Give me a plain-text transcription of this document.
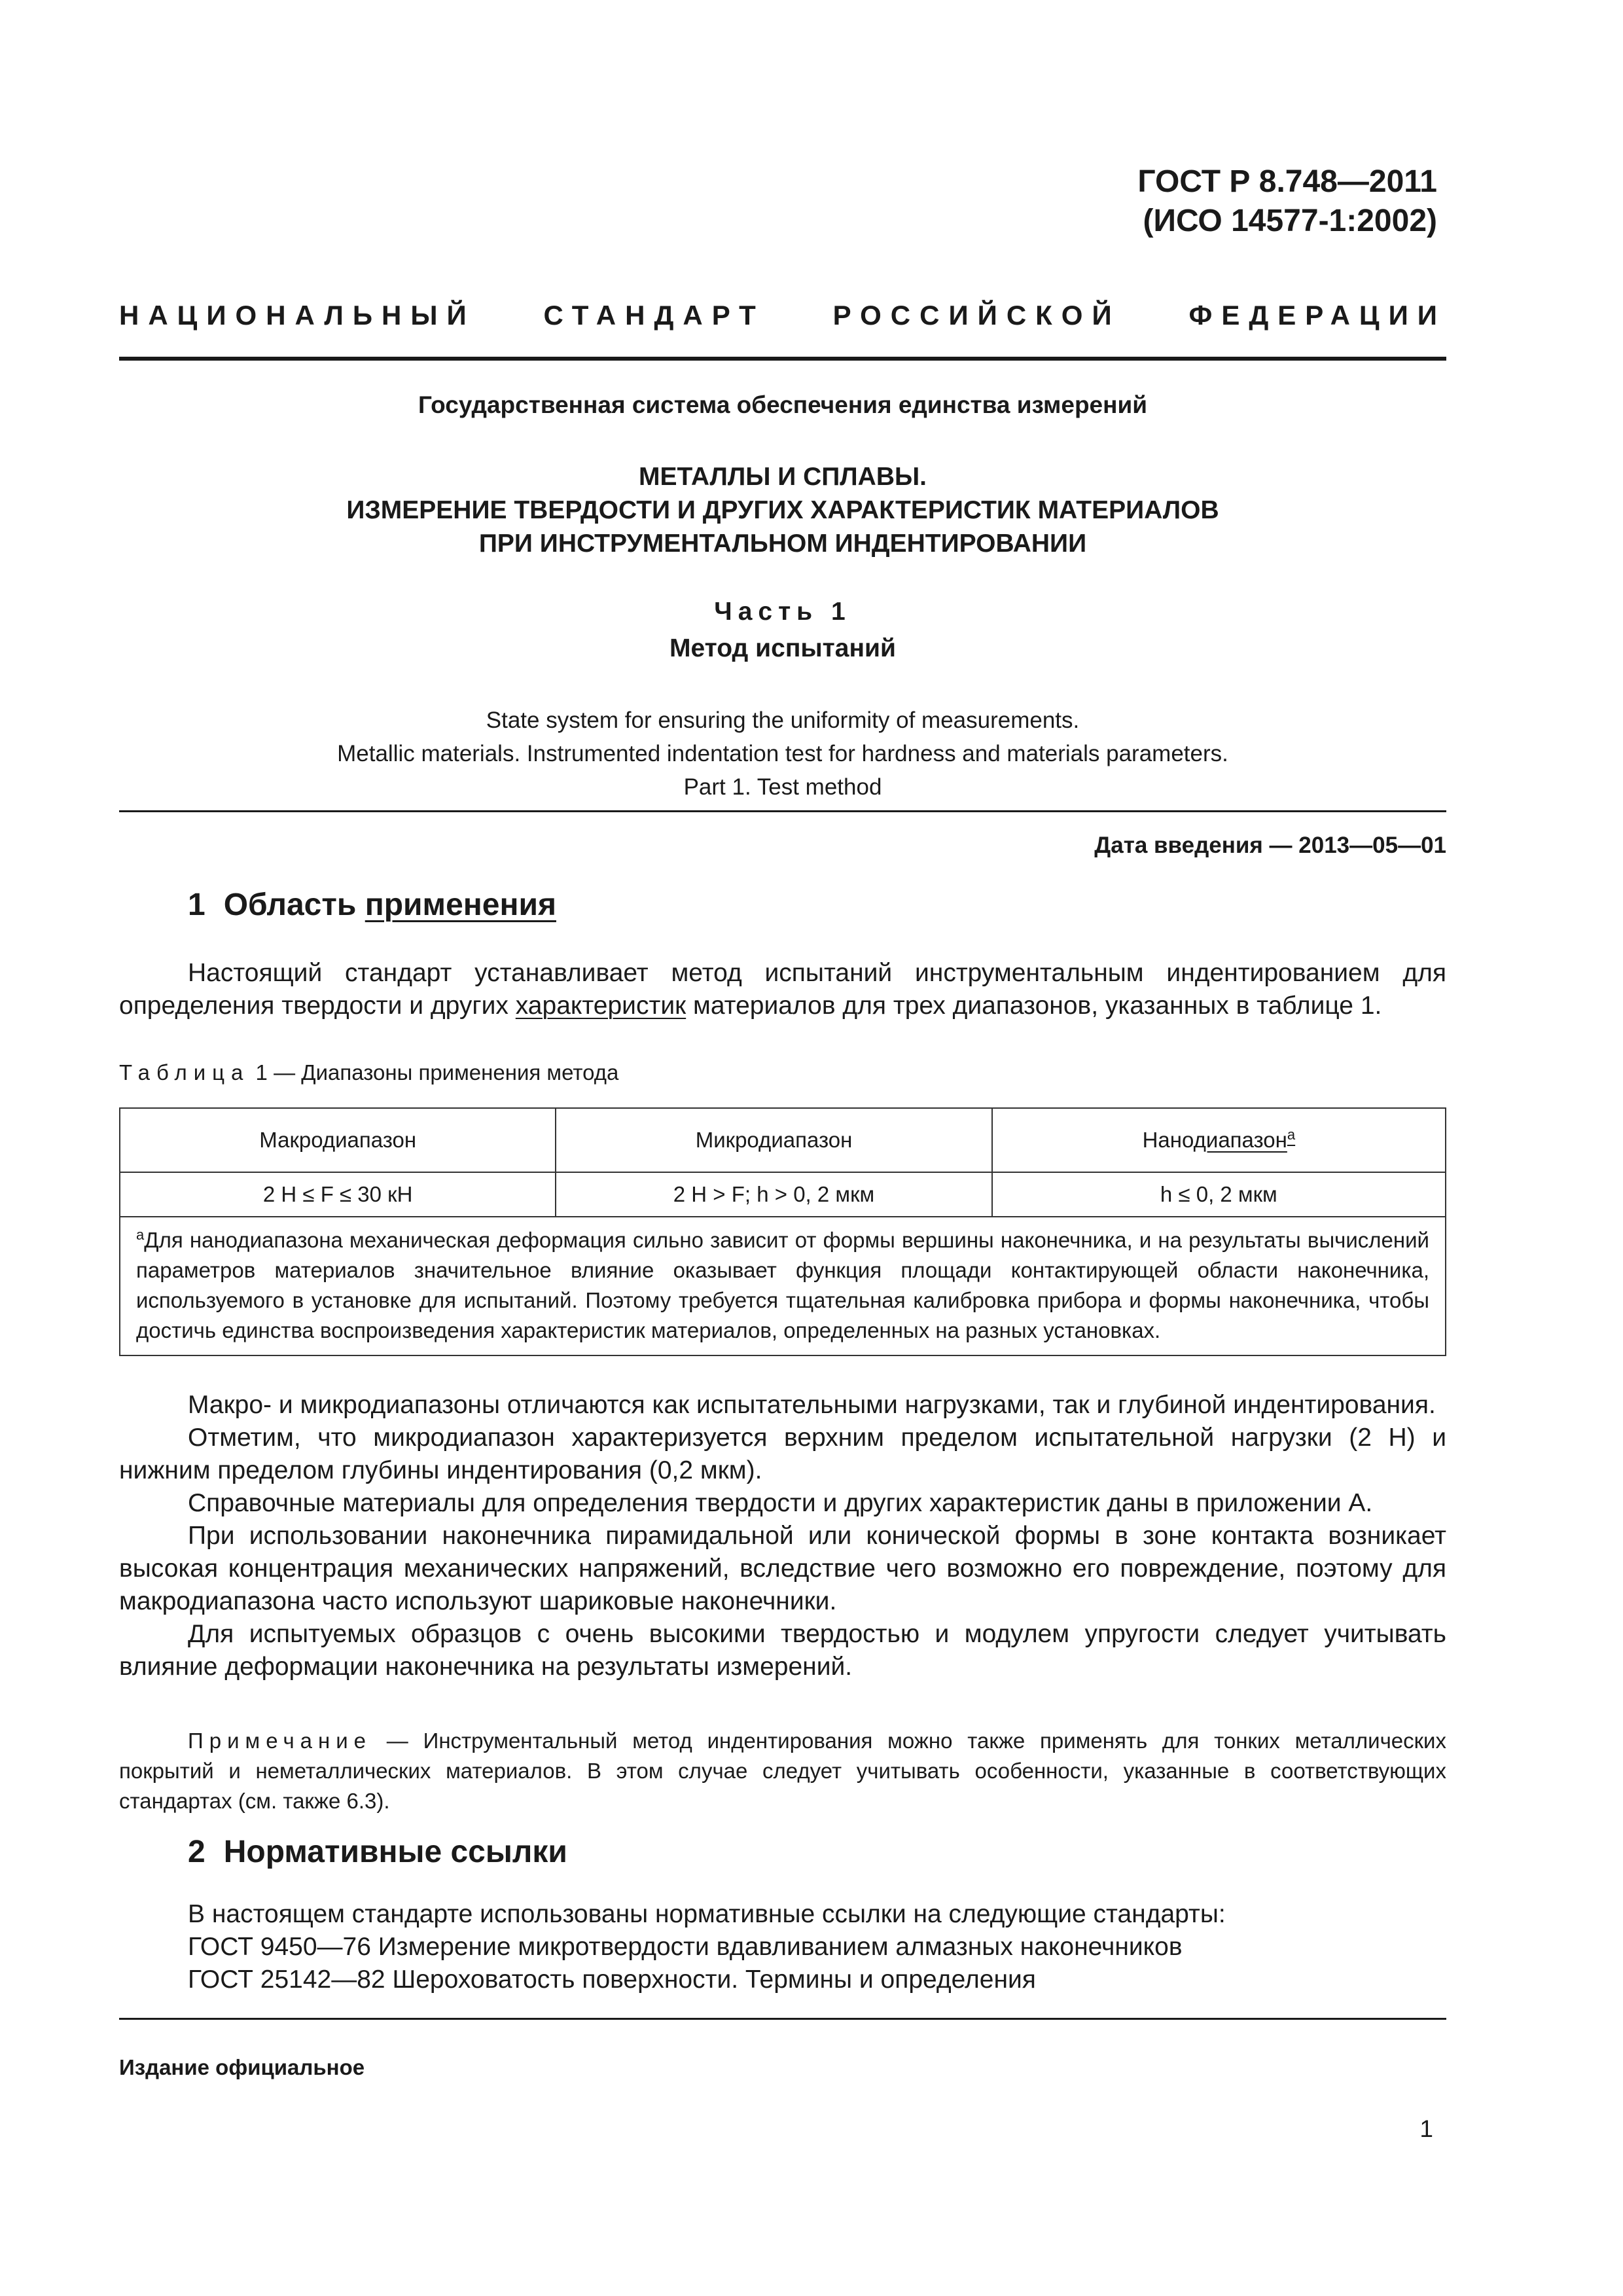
ГОСТ Р 8.748—2011
(ИСО 14577-1:2002)
НАЦИОНАЛЬНЫЙ СТАНДАРТ РОССИЙСКОЙ ФЕДЕРАЦИИ
Государственная система обеспечения единства измерений
МЕТАЛЛЫ И СПЛАВЫ.
ИЗМЕРЕНИЕ ТВЕРДОСТИ И ДРУГИХ ХАРАКТЕРИСТИК МАТЕРИАЛОВ
ПРИ ИНСТРУМЕНТАЛЬНОМ ИНДЕНТИРОВАНИИ
Часть 1
Метод испытаний
State system for ensuring the uniformity of measurements.
Metallic materials. Instrumented indentation test for hardness and materials parameters.
Part 1. Test method
Дата введения — 2013—05—01
1 Область применения

Настоящий стандарт устанавливает метод испытаний инструментальным индентированием для определения твердости и других характеристик материалов для трех диапазонов, указанных в таблице 1.

Таблица 1 — Диапазоны применения метода
Макродиапазон	Микродиапазон	Нанодиапазон$^a$
2 Н ≤ F ≤ 30 кН	2 Н > F; h > 0, 2 мкм	h ≤ 0, 2 мкм
$^a$Для нанодиапазона механическая деформация сильно зависит от формы вершины наконечника, и на результаты вычислений параметров материалов значительное влияние оказывает функция площади контактирующей области наконечника, используемого в установке для испытаний. Поэтому требуется тщательная калибровка прибора и формы наконечника, чтобы достичь единства воспроизведения характеристик материалов, определенных на разных установках.		

Макро- и микродиапазоны отличаются как испытательными нагрузками, так и глубиной индентирования.

Отметим, что микродиапазон характеризуется верхним пределом испытательной нагрузки (2 Н) и нижним пределом глубины индентирования (0,2 мкм).

Справочные материалы для определения твердости и других характеристик даны в приложении А.

При использовании наконечника пирамидальной или конической формы в зоне контакта возникает высокая концентрация механических напряжений, вследствие чего возможно его повреждение, поэтому для макродиапазона часто используют шариковые наконечники.

Для испытуемых образцов с очень высокими твердостью и модулем упругости следует учитывать влияние деформации наконечника на результаты измерений.

Примечание — Инструментальный метод индентирования можно также применять для тонких металлических покрытий и неметаллических материалов. В этом случае следует учитывать особенности, указанные в соответствующих стандартах (см. также 6.3).

2 Нормативные ссылки
В настоящем стандарте использованы нормативные ссылки на следующие стандарты:
ГОСТ 9450—76 Измерение микротвердости вдавливанием алмазных наконечников
ГОСТ 25142—82 Шероховатость поверхности. Термины и определения
Издание официальное
1
